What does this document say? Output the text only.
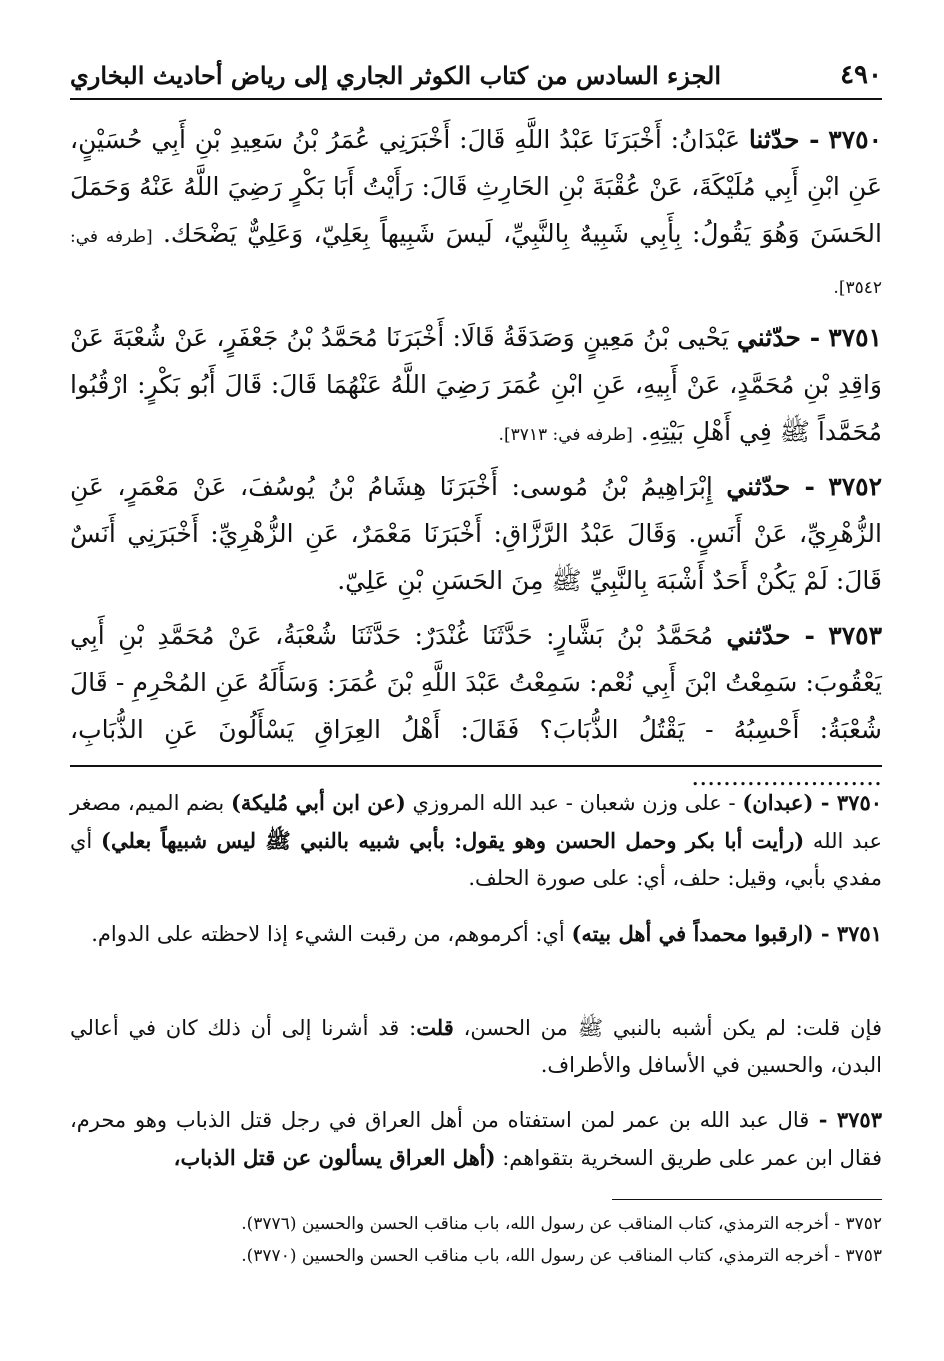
٤٩٠
الجزء السادس من كتاب الكوثر الجاري إلى رياض أحاديث البخاري
٣٧٥٠ - حدّثنا عَبْدَانُ: أَخْبَرَنَا عَبْدُ اللَّهِ قَالَ: أَخْبَرَنِي عُمَرُ بْنُ سَعِيدِ بْنِ أَبِي حُسَيْنٍ، عَنِ ابْنِ أَبِي مُلَيْكَةَ، عَنْ عُقْبَةَ بْنِ الحَارِثِ قَالَ: رَأَيْتُ أَبَا بَكْرٍ رَضِيَ اللَّهُ عَنْهُ وَحَمَلَ الحَسَنَ وَهُوَ يَقُولُ: بِأَبِي شَبِيهٌ بِالنَّبِيِّ، لَيسَ شَبِيهاً بِعَلِيّ، وَعَلِيٌّ يَضْحَك. [طرفه في: ٣٥٤٢].
٣٧٥١ - حدّثني يَحْيى بْنُ مَعِينٍ وَصَدَقَةُ قَالَا: أَخْبَرَنَا مُحَمَّدُ بْنُ جَعْفَرٍ، عَنْ شُعْبَةَ عَنْ وَاقِدِ بْنِ مُحَمَّدٍ، عَنْ أَبِيهِ، عَنِ ابْنِ عُمَرَ رَضِيَ اللَّهُ عَنْهُمَا قَالَ: قَالَ أَبُو بَكْرٍ: ارْقُبُوا مُحَمَّداً ﷺ فِي أَهْلِ بَيْتِهِ. [طرفه في: ٣٧١٣].
٣٧٥٢ - حدّثني إِبْرَاهِيمُ بْنُ مُوسى: أَخْبَرَنَا هِشَامُ بْنُ يُوسُفَ، عَنْ مَعْمَرٍ، عَنِ الزُّهْرِيِّ، عَنْ أَنَسٍ. وَقَالَ عَبْدُ الرَّزَّاقِ: أَخْبَرَنَا مَعْمَرٌ، عَنِ الزُّهْرِيِّ: أَخْبَرَنِي أَنَسٌ قَالَ: لَمْ يَكُنْ أَحَدٌ أَشْبَهَ بِالنَّبِيِّ ﷺ مِنَ الحَسَنِ بْنِ عَلِيّ.
٣٧٥٣ - حدّثني مُحَمَّدُ بْنُ بَشَّارٍ: حَدَّثَنَا غُنْدَرٌ: حَدَّثَنَا شُعْبَةُ، عَنْ مُحَمَّدِ بْنِ أَبِي يَعْقُوبَ: سَمِعْتُ ابْنَ أَبِي نُعْم: سَمِعْتُ عَبْدَ اللَّهِ بْنَ عُمَرَ: وَسَأَلَهُ عَنِ المُحْرِمِ - قَالَ شُعْبَةُ: أَحْسِبُهُ - يَقْتُلُ الذُّبَابَ؟ فَقَالَ: أَهْلُ العِرَاقِ يَسْأَلُونَ عَنِ الذُّبَابِ، ........................
٣٧٥٠ - (عبدان) - على وزن شعبان - عبد الله المروزي (عن ابن أبي مُليكة) بضم الميم، مصغر عبد الله (رأيت أبا بكر وحمل الحسن وهو يقول: بأبي شبيه بالنبي ﷺ ليس شبيهاً بعلي) أي مفدي بأبي، وقيل: حلف، أي: على صورة الحلف.
٣٧٥١ - (ارقبوا محمداً في أهل بيته) أي: أكرموهم، من رقبت الشيء إذا لاحظته على الدوام.
فإن قلت: لم يكن أشبه بالنبي ﷺ من الحسن، قلت: قد أشرنا إلى أن ذلك كان في أعالي البدن، والحسين في الأسافل والأطراف.
٣٧٥٣ - قال عبد الله بن عمر لمن استفتاه من أهل العراق في رجل قتل الذباب وهو محرم، فقال ابن عمر على طريق السخرية بتقواهم: (أهل العراق يسألون عن قتل الذباب،
٣٧٥٢ - أخرجه الترمذي، كتاب المناقب عن رسول الله، باب مناقب الحسن والحسين (٣٧٧٦).
٣٧٥٣ - أخرجه الترمذي، كتاب المناقب عن رسول الله، باب مناقب الحسن والحسين (٣٧٧٠).
